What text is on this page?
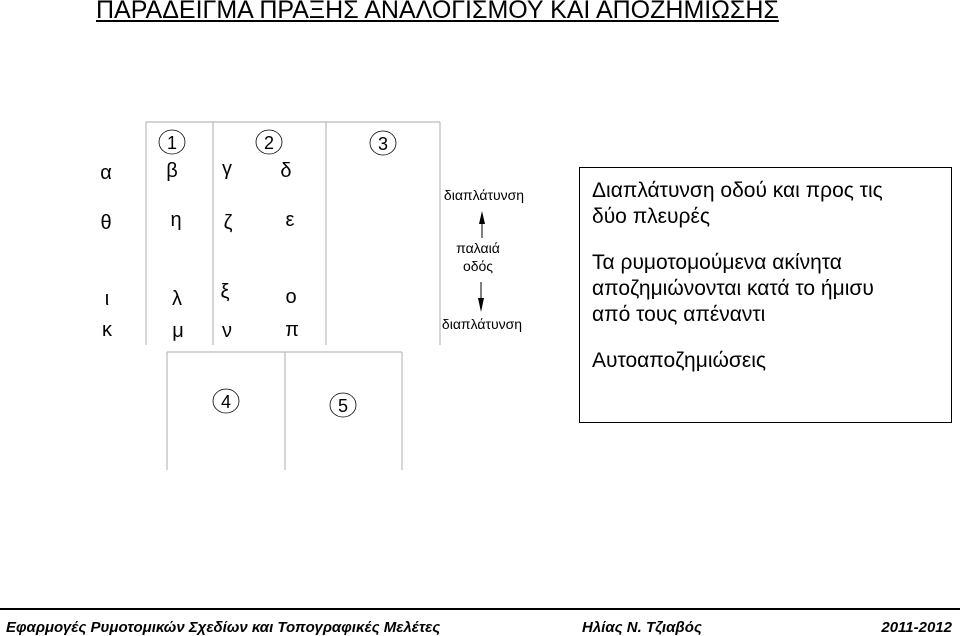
ΠΑΡΑΔΕΙΓΜΑ ΠΡΑΞΗΣ ΑΝΑΛΟΓΙΣΜΟΥ ΚΑΙ ΑΠΟΖΗΜΙΩΣΗΣ
1	2	3
4	5
α	β γ δ
θ	η ζ	ε
ι	λ ξ	ο
κ	μ ν	π
διαπλάτυνση
παλαιά
οδός
διαπλάτυνση

Διαπλάτυνση οδού και προς τις
δύο πλευρές

Τα ρυμοτομούμενα ακίνητα
αποζημιώνονται κατά το ήμισυ
από τους απέναντι

Αυτοαποζημιώσεις

Εφαρμογές Ρυμοτομικών Σχεδίων και Τοπογραφικές Μελέτες	Ηλίας Ν. Τζιαβός	2011-2012
